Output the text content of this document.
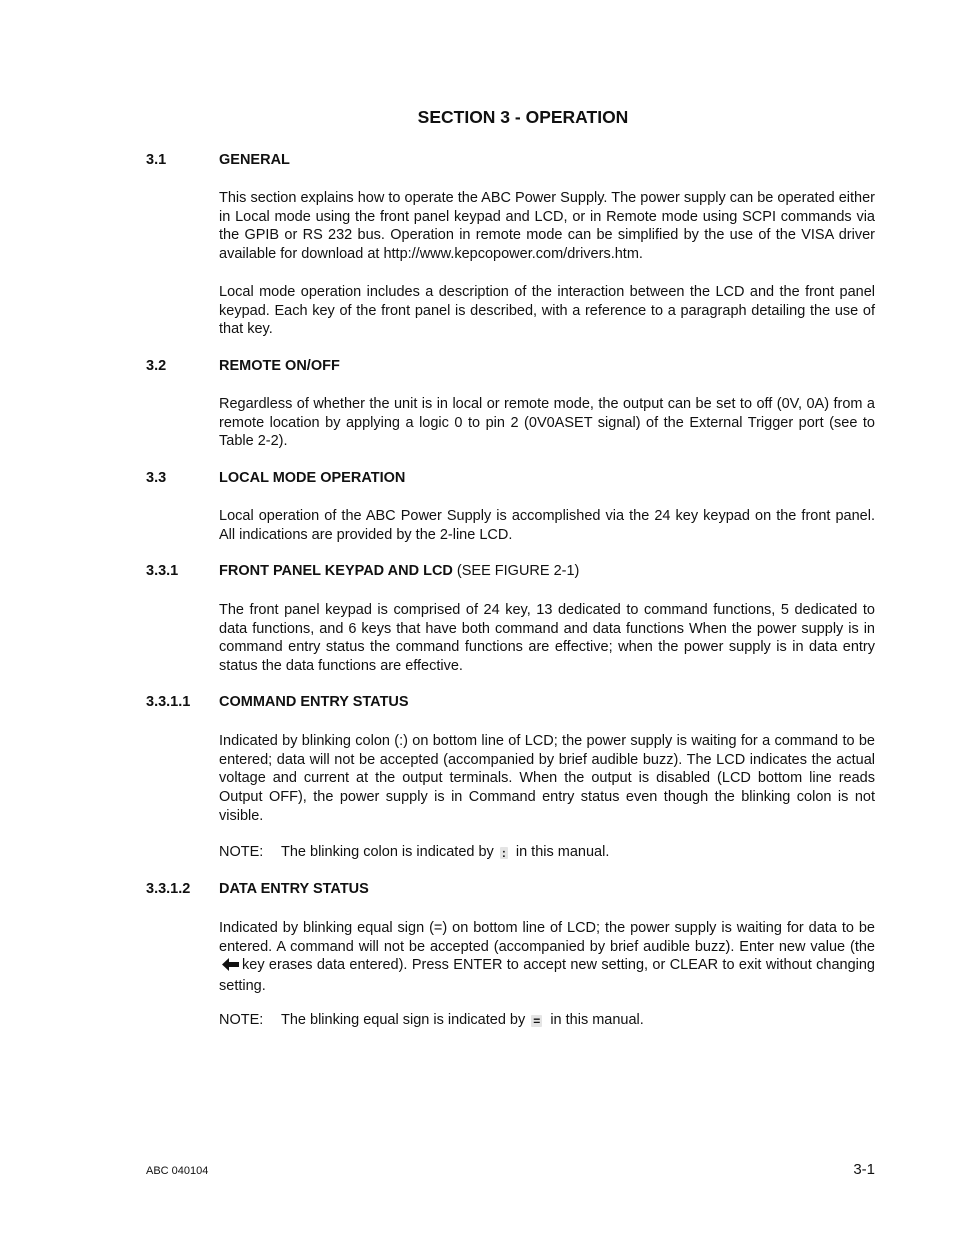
SECTION 3 - OPERATION
3.1	GENERAL

This section explains how to operate the ABC Power Supply. The power supply can be operated either in Local mode using the front panel keypad and LCD, or in Remote mode using SCPI commands via the GPIB or RS 232 bus. Operation in remote mode can be simplified by the use of the VISA driver available for download at http://www.kepcopower.com/drivers.htm.

Local mode operation includes a description of the interaction between the LCD and the front panel keypad. Each key of the front panel is described, with a reference to a paragraph detailing the use of that key.

3.2	REMOTE ON/OFF

Regardless of whether the unit is in local or remote mode, the output can be set to off (0V, 0A) from a remote location by applying a logic 0 to pin 2 (0V0ASET signal) of the External Trigger port (see to Table 2-2).

3.3	LOCAL MODE OPERATION

Local operation of the ABC Power Supply is accomplished via the 24 key keypad on the front panel. All indications are provided by the 2-line LCD.

3.3.1	FRONT PANEL KEYPAD AND LCD (SEE FIGURE 2-1)

The front panel keypad is comprised of 24 key, 13 dedicated to command functions, 5 dedicated to data functions, and 6 keys that have both command and data functions When the power supply is in command entry status the command functions are effective; when the power supply is in data entry status the data functions are effective.

3.3.1.1 COMMAND ENTRY STATUS

Indicated by blinking colon (:) on bottom line of LCD; the power supply is waiting for a command to be entered; data will not be accepted (accompanied by brief audible buzz). The LCD indicates the actual voltage and current at the output terminals. When the output is disabled (LCD bottom line reads Output OFF), the power supply is in Command entry status even though the blinking colon is not visible.

NOTE: The blinking colon is indicated by : in this manual.

3.3.1.2 DATA ENTRY STATUS

Indicated by blinking equal sign (=) on bottom line of LCD; the power supply is waiting for data to be entered. A command will not be accepted (accompanied by brief audible buzz). Enter new value (thekey erases data entered). Press ENTER to accept new setting, or CLEAR to exit without changing setting.

NOTE: The blinking equal sign is indicated by = in this manual.

ABC 040104	3-1
